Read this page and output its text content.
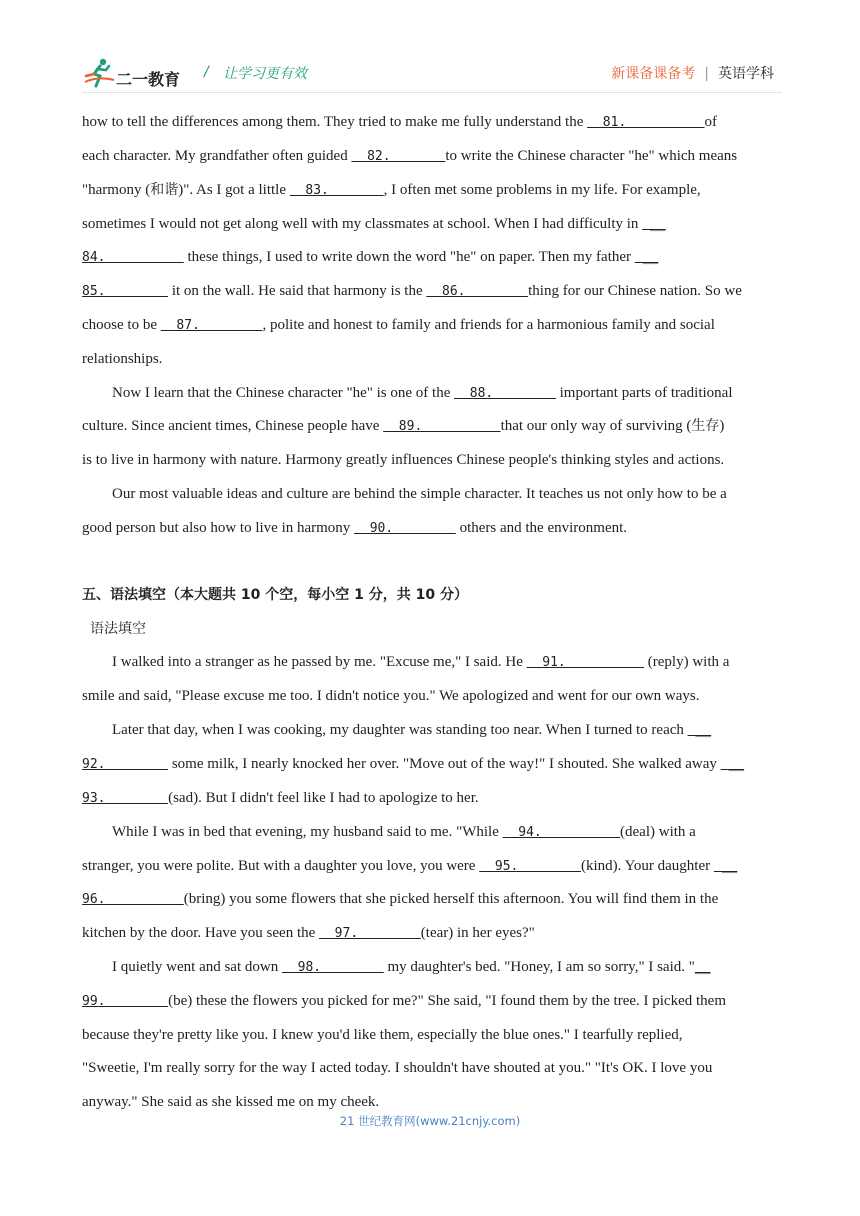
二一教育 / 让学习更有效	新课备课备考 | 英语学科
how to tell the differences among them. They tried to make me fully understand the   81.          of
each character. My grandfather often guided   82.       to write the Chinese character "he" which means
"harmony (和谐)". As I got a little   83.       , I often met some problems in my life. For example,
sometimes I would not get along well with my classmates at school. When I had difficulty in  __
84.           these things, I used to write down the word "he" on paper. Then my father  __
85.         it on the wall. He said that harmony is the   86.        thing for our Chinese nation. So we
choose to be   87.        , polite and honest to family and friends for a harmonious family and social
relationships.
Now I learn that the Chinese character "he" is one of the   88.         important parts of traditional
culture. Since ancient times, Chinese people have   89.          that our only way of surviving (生存)
is to live in harmony with nature. Harmony greatly influences Chinese people's thinking styles and actions.
Our most valuable ideas and culture are behind the simple character. It teaches us not only how to be a
good person but also how to live in harmony   90.         others and the environment.
五、语法填空（本大题共 10 个空，每小空 1 分，共 10 分）
语法填空
I walked into a stranger as he passed by me. "Excuse me," I said. He   91.           (reply) with a
smile and said, "Please excuse me too. I didn't notice you." We apologized and went for our own ways.
Later that day, when I was cooking, my daughter was standing too near. When I turned to reach  __
92.         some milk, I nearly knocked her over. "Move out of the way!" I shouted. She walked away  __
93.        (sad). But I didn't feel like I had to apologize to her.
While I was in bed that evening, my husband said to me. "While   94.          (deal) with a
stranger, you were polite. But with a daughter you love, you were   95.        (kind). Your daughter  __
96.          (bring) you some flowers that she picked herself this afternoon. You will find them in the
kitchen by the door. Have you seen the   97.        (tear) in her eyes?"
I quietly went and sat down   98.         my daughter's bed. "Honey, I am so sorry," I said. "__
99.        (be) these the flowers you picked for me?" She said, "I found them by the tree. I picked them
because they're pretty like you. I knew you'd like them, especially the blue ones." I tearfully replied,
"Sweetie, I'm really sorry for the way I acted today. I shouldn't have shouted at you." "It's OK. I love you
anyway." She said as she kissed me on my cheek.
21 世纪教育网(www.21cnjy.com)
